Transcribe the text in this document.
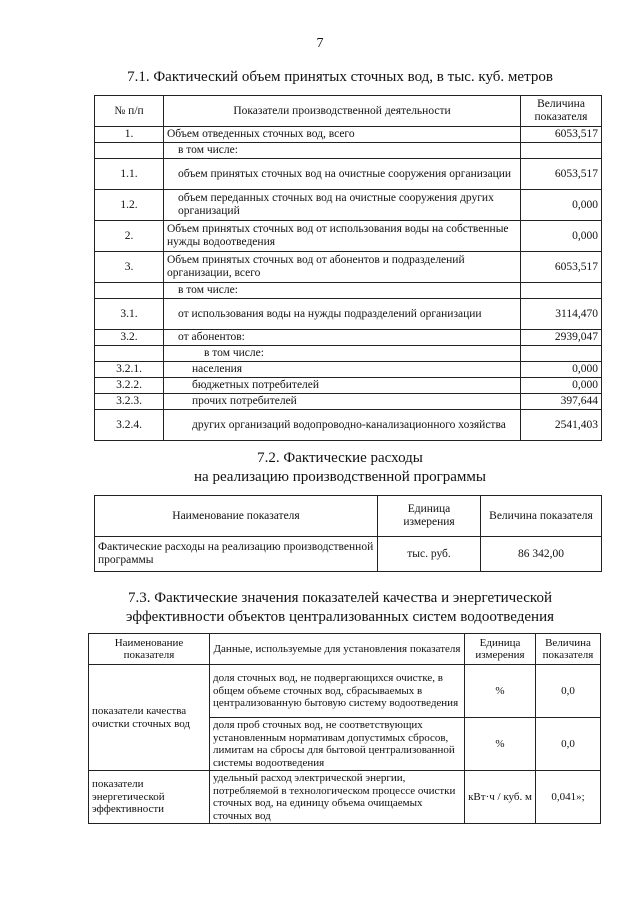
7
7.1. Фактический объем принятых сточных вод, в тыс. куб. метров
№ п/п	Показатели производственной деятельности	Величина показателя
1.	Объем отведенных сточных вод, всего	6053,517
	в том числе:	
1.1.	объем принятых сточных вод на очистные сооружения организации	6053,517
1.2.	объем переданных сточных вод на очистные сооружения других организаций	0,000
2.	Объем принятых сточных вод от использования воды на собственные нужды водоотведения	0,000
3.	Объем принятых сточных вод от абонентов и подразделений организации, всего	6053,517
	в том числе:	
3.1.	от использования воды на нужды подразделений организации	3114,470
3.2.	от абонентов:	2939,047
	в том числе:	
3.2.1.	населения	0,000
3.2.2.	бюджетных потребителей	0,000
3.2.3.	прочих потребителей	397,644
3.2.4.	других организаций водопроводно-канализационного хозяйства	2541,403
7.2. Фактические расходы
на реализацию производственной программы
Наименование показателя	Единица измерения	Величина показателя
Фактические расходы на реализацию производственной программы	тыс. руб.	86 342,00
7.3. Фактические значения показателей качества и энергетической
эффективности объектов централизованных систем водоотведения
Наименование показателя	Данные, используемые для установления показателя	Единица измерения	Величина показателя
показатели качества очистки сточных вод	доля сточных вод, не подвергающихся очистке, в общем объеме сточных вод, сбрасываемых в централизованную бытовую систему водоотведения	%	0,0
	доля проб сточных вод, не соответствующих установленным нормативам допустимых сбросов, лимитам на сбросы для бытовой централизованной системы водоотведения	%	0,0
показатели энергетической эффективности	удельный расход электрической энергии, потребляемой в технологическом процессе очистки сточных вод, на единицу объема очищаемых сточных вод	кВт·ч / куб. м	0,041»;
